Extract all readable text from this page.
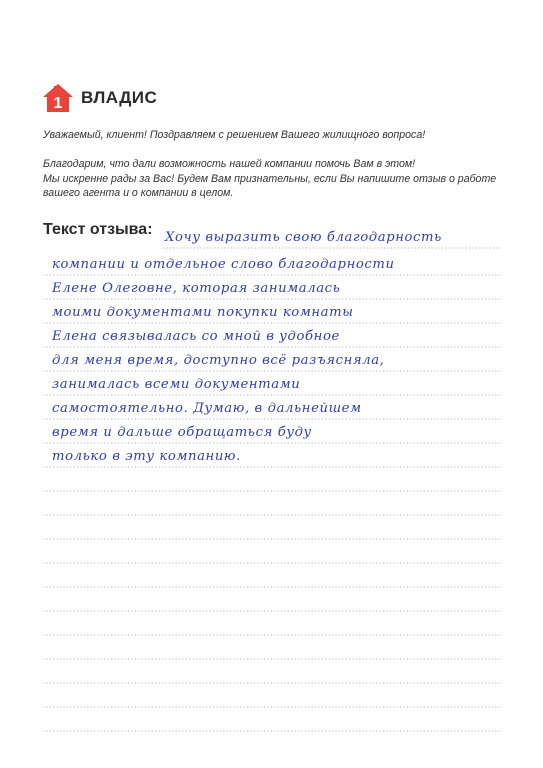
1 ВЛАДИС
Уважаемый, клиент! Поздравляем с решением Вашего жилищного вопроса!
Благодарим, что дали возможность нашей компании помочь Вам в этом!
Мы искренне рады за Вас! Будем Вам признательны, если Вы напишите отзыв о работе
вашего агента и о компании в целом.
Текст отзыва: Хочу выразить свою благодарность
компании и отдельное слово благодарности
Елене Олеговне, которая занималась
моими документами покупки комнаты
Елена связывалась со мной в удобное
для меня время, доступно всё разъясняла,
занималась всеми документами
самостоятельно. Думаю, в дальнейшем
время и дальше обращаться буду
только в эту компанию.
